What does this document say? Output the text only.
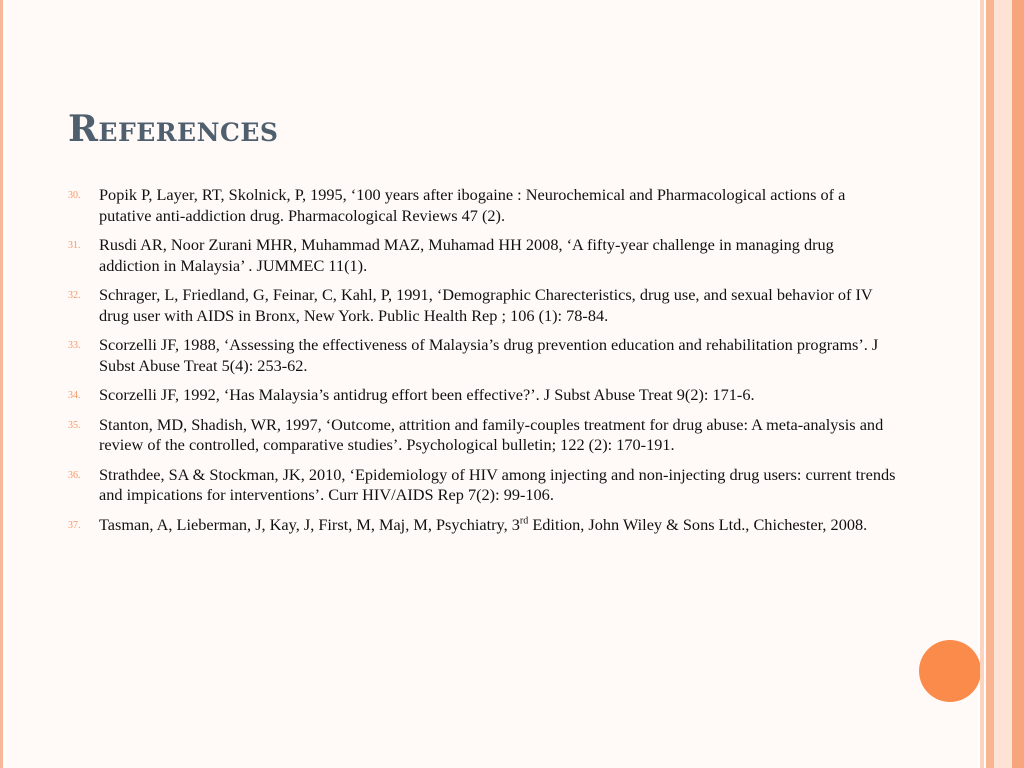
References
30. Popik P, Layer, RT, Skolnick, P, 1995, ‘100 years after ibogaine : Neurochemical and Pharmacological actions of a putative anti-addiction drug. Pharmacological Reviews 47 (2).
31. Rusdi AR, Noor Zurani MHR, Muhammad MAZ, Muhamad HH 2008, ‘A fifty-year challenge in managing drug addiction in Malaysia’ . JUMMEC 11(1).
32. Schrager, L, Friedland, G, Feinar, C, Kahl, P, 1991, ‘Demographic Charecteristics, drug use, and sexual behavior of IV drug user with AIDS in Bronx, New York. Public Health Rep ; 106 (1): 78-84.
33. Scorzelli JF, 1988, ‘Assessing the effectiveness of Malaysia’s drug prevention education and rehabilitation programs’. J Subst Abuse Treat 5(4): 253-62.
34. Scorzelli JF, 1992, ‘Has Malaysia’s antidrug effort been effective?’. J Subst Abuse Treat 9(2): 171-6.
35. Stanton, MD, Shadish, WR, 1997, ‘Outcome, attrition and family-couples treatment for drug abuse: A meta-analysis and review of the controlled, comparative studies’. Psychological bulletin; 122 (2): 170-191.
36. Strathdee, SA & Stockman, JK, 2010, ‘Epidemiology of HIV among injecting and non-injecting drug users: current trends and impications for interventions’. Curr HIV/AIDS Rep 7(2): 99-106.
37. Tasman, A, Lieberman, J, Kay, J, First, M, Maj, M, Psychiatry, 3rd Edition, John Wiley & Sons Ltd., Chichester, 2008.
